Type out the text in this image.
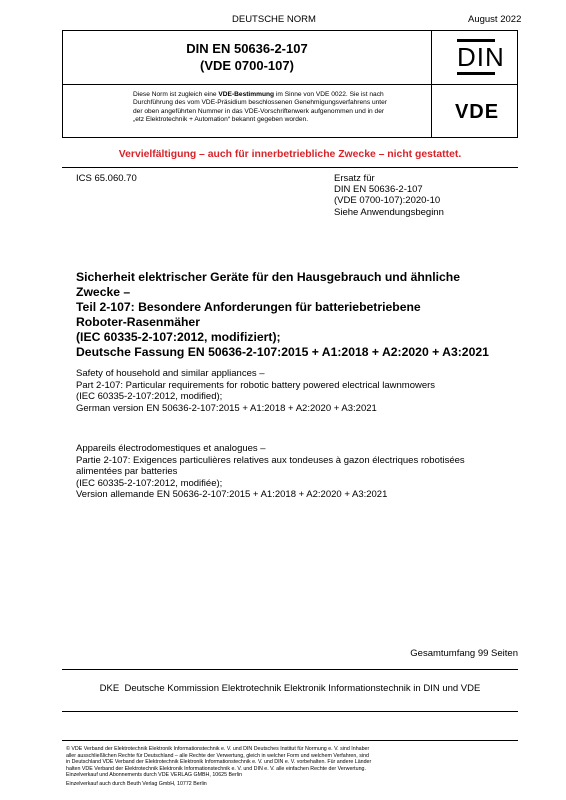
DEUTSCHE NORM	August 2022
DIN EN 50636-2-107
(VDE 0700-107)
Diese Norm ist zugleich eine VDE-Bestimmung im Sinne von VDE 0022. Sie ist nach
Durchführung des vom VDE-Präsidium beschlossenen Genehmigungsverfahrens unter
der oben angeführten Nummer in das VDE-Vorschriftenwerk aufgenommen und in der
„etz Elektrotechnik + Automation“ bekannt gegeben worden.
DIN
VDE
Vervielfältigung – auch für innerbetriebliche Zwecke – nicht gestattet.
ICS 65.060.70	Ersatz für
DIN EN 50636-2-107
(VDE 0700-107):2020-10
Siehe Anwendungsbeginn
Sicherheit elektrischer Geräte für den Hausgebrauch und ähnliche
Zwecke –
Teil 2-107: Besondere Anforderungen für batteriebetriebene
Roboter-Rasenmäher
(IEC 60335-2-107:2012, modifiziert);
Deutsche Fassung EN 50636-2-107:2015 + A1:2018 + A2:2020 + A3:2021
Safety of household and similar appliances –
Part 2-107: Particular requirements for robotic battery powered electrical lawnmowers
(IEC 60335-2-107:2012, modified);
German version EN 50636-2-107:2015 + A1:2018 + A2:2020 + A3:2021
Appareils électrodomestiques et analogues –
Partie 2-107: Exigences particulières relatives aux tondeuses à gazon électriques robotisées
alimentées par batteries
(IEC 60335-2-107:2012, modifiée);
Version allemande EN 50636-2-107:2015 + A1:2018 + A2:2020 + A3:2021
Gesamtumfang 99 Seiten
DKE Deutsche Kommission Elektrotechnik Elektronik Informationstechnik in DIN und VDE
© VDE Verband der Elektrotechnik Elektronik Informationstechnik e. V. und DIN Deutsches Institut für Normung e. V. sind Inhaber
aller ausschließlichen Rechte für Deutschland – alle Rechte der Verwertung, gleich in welcher Form und welchem Verfahren, sind
in Deutschland VDE Verband der Elektrotechnik Elektronik Informationstechnik e. V. und DIN e. V. vorbehalten. Für andere Länder
halten VDE Verband der Elektrotechnik Elektronik Informationstechnik e. V. und DIN e. V. alle einfachen Rechte der Verwertung.
Einzelverkauf und Abonnements durch VDE VERLAG GMBH, 10625 Berlin
Einzelverkauf auch durch Beuth Verlag GmbH, 10772 Berlin
